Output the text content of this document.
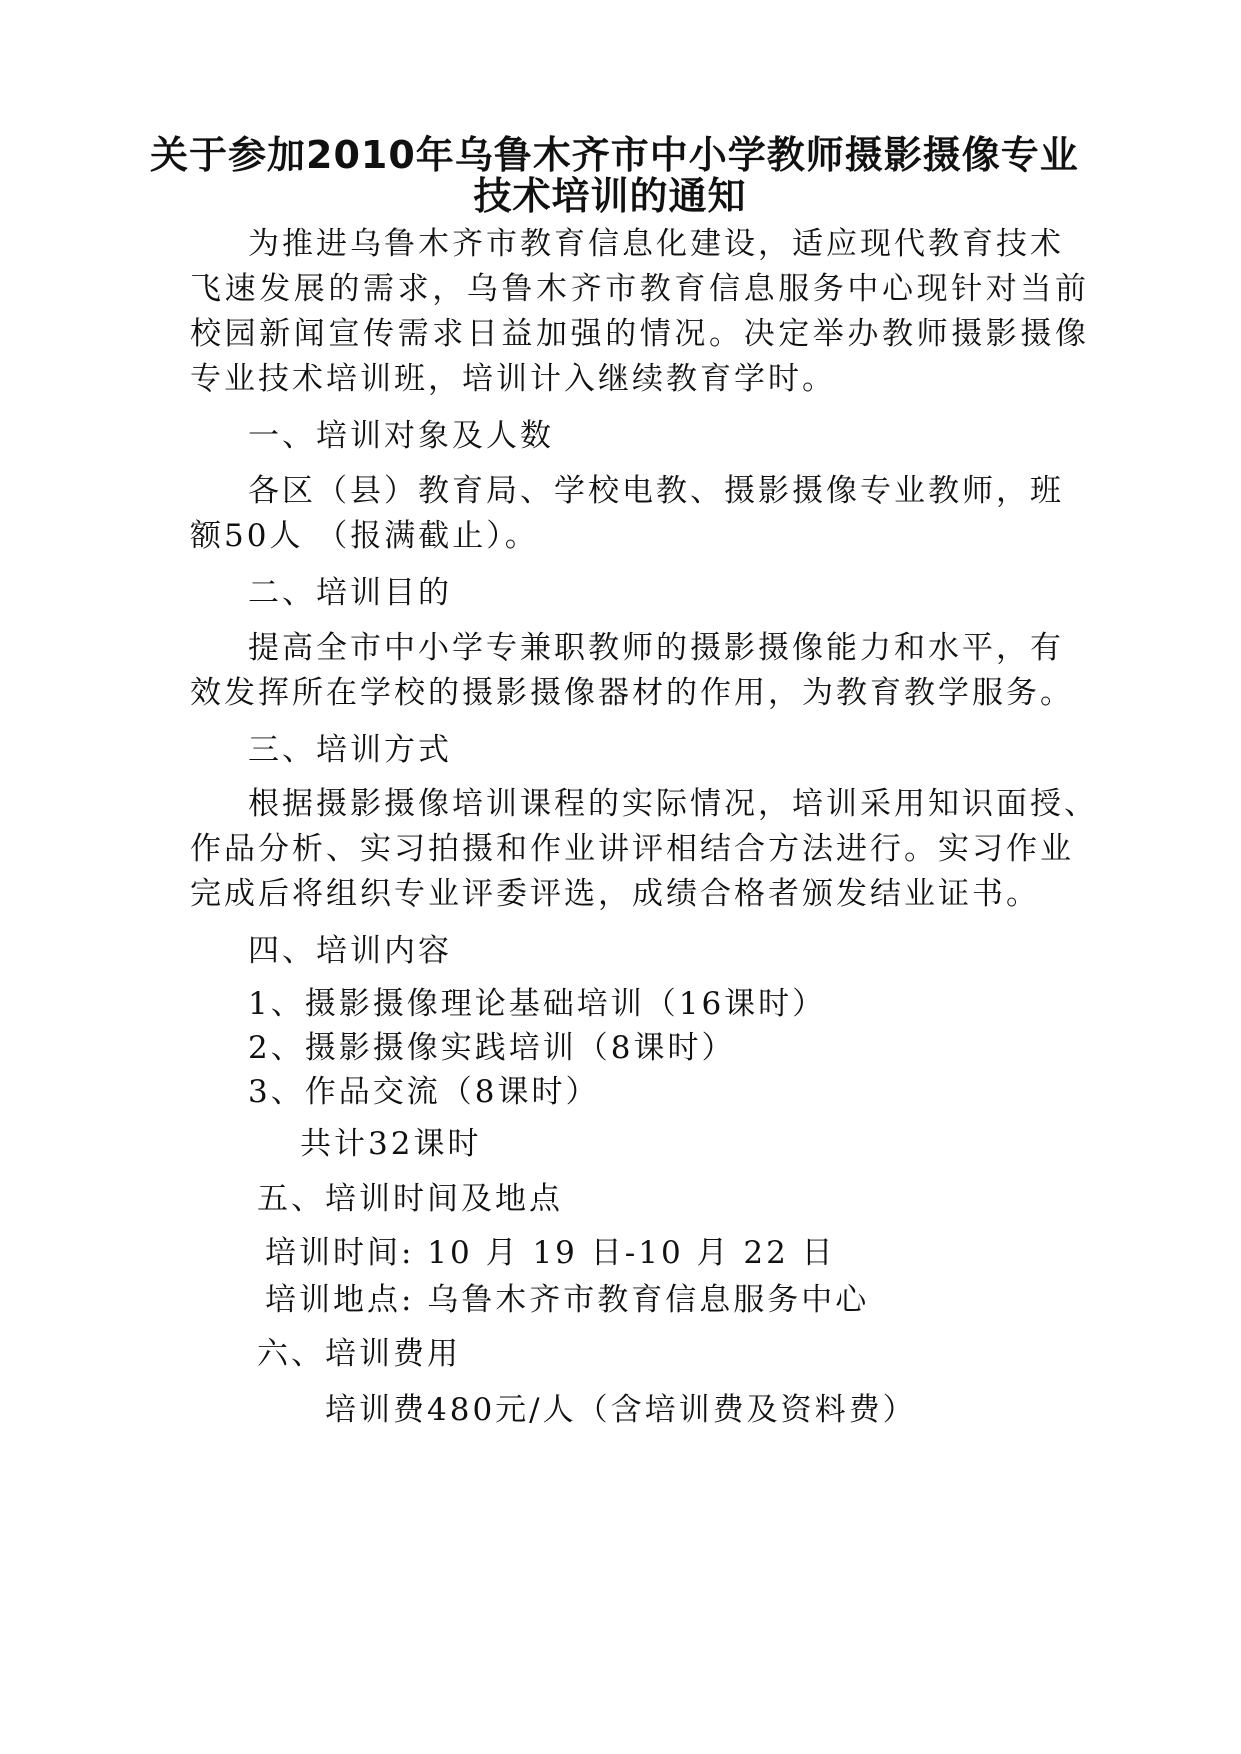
关于参加2010年乌鲁木齐市中小学教师摄影摄像专业
技术培训的通知
为推进乌鲁木齐市教育信息化建设，适应现代教育技术
飞速发展的需求，乌鲁木齐市教育信息服务中心现针对当前
校园新闻宣传需求日益加强的情况。决定举办教师摄影摄像
专业技术培训班，培训计入继续教育学时。
一、培训对象及人数
各区（县）教育局、学校电教、摄影摄像专业教师，班
额50人 （报满截止）。
二、培训目的
提高全市中小学专兼职教师的摄影摄像能力和水平，有
效发挥所在学校的摄影摄像器材的作用，为教育教学服务。
三、培训方式
根据摄影摄像培训课程的实际情况，培训采用知识面授、
作品分析、实习拍摄和作业讲评相结合方法进行。实习作业
完成后将组织专业评委评选，成绩合格者颁发结业证书。
四、培训内容
1、摄影摄像理论基础培训（16课时）
2、摄影摄像实践培训（8课时）
3、作品交流（8课时）
共计32课时
五、培训时间及地点
培训时间: 10 月 19 日-10 月 22 日
培训地点: 乌鲁木齐市教育信息服务中心
六、培训费用
培训费480元/人（含培训费及资料费）
